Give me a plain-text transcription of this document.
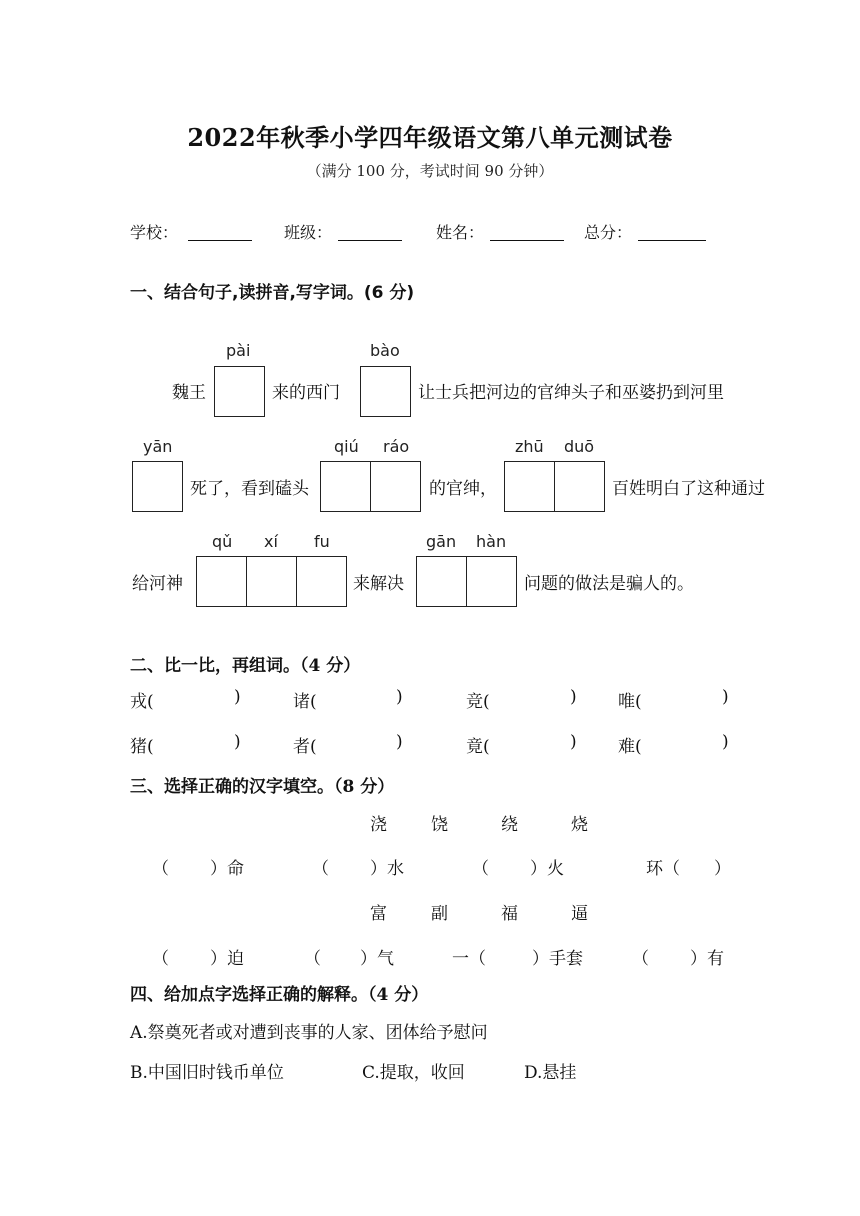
2022年秋季小学四年级语文第八单元测试卷
（满分 100 分，考试时间 90 分钟）
学校：	班级：	姓名：	总分：
一、结合句子,读拼音,写字词。(6 分)
pài	bào
魏王	来的西门	让士兵把河边的官绅头子和巫婆扔到河里
yān	qiú ráo	zhū duō
死了，看到磕头	的官绅，	百姓明白了这种通过
qǔ xí fu	gān hàn
给河神	来解决	问题的做法是骗人的。
二、比一比，再组词。（4 分）
戎(	)	诸(	)	竞(	) 唯(	)
猪(	)	者(	)	竟(	) 难(	)
三、选择正确的汉字填空。（8 分）
浇	饶	绕	烧
（ ）命	（ ）水	（ ）火	环（ ）
富	副	福	逼
（ ）迫	（ ）气	一（	）手套	（ ）有
四、给加点字选择正确的解释。（4 分）
A.祭奠死者或对遭到丧事的人家、团体给予慰问
B.中国旧时钱币单位	C.提取，收回	D.悬挂
